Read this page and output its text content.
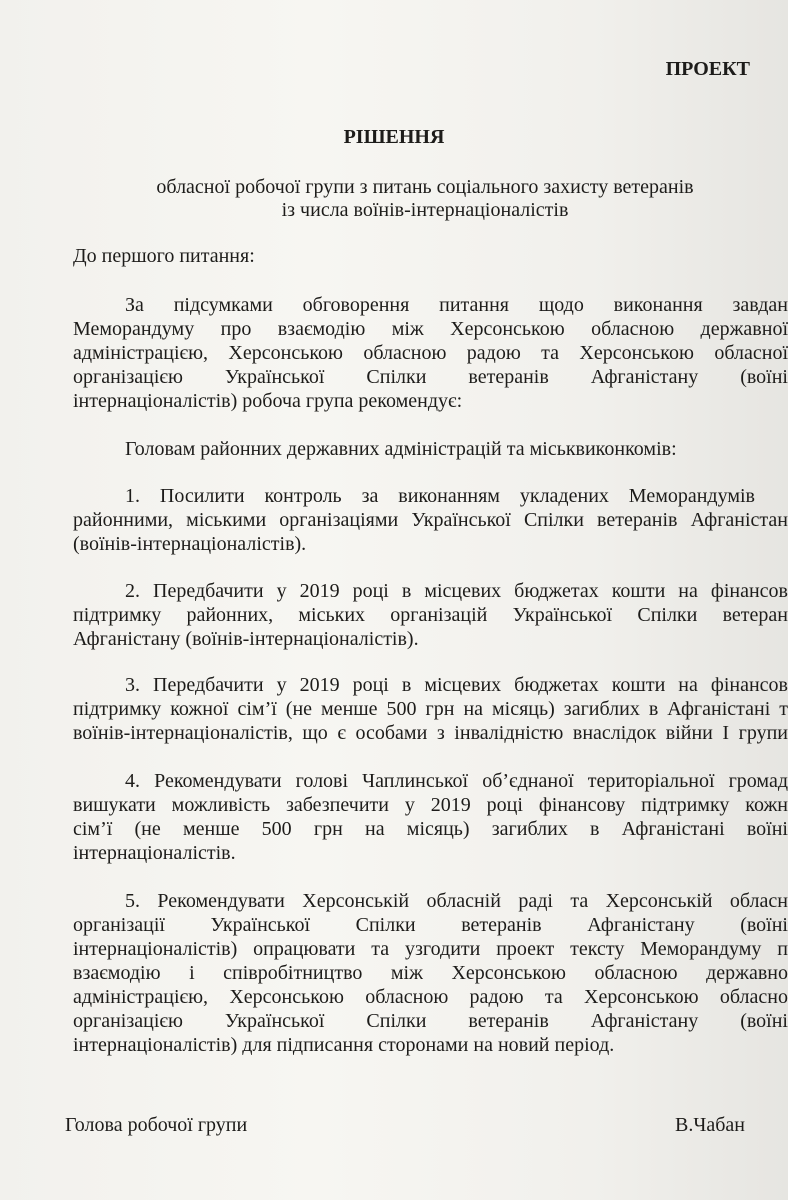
ПРОЕКТ
РІШЕННЯ
обласної робочої групи з питань соціального захисту ветеранів
із числа воїнів-інтернаціоналістів
До першого питання:
За підсумками обговорення питання щодо виконання завдан
Меморандуму про взаємодію між Херсонською обласною державної
адміністрацією, Херсонською обласною радою та Херсонською обласної
організацією Української Спілки ветеранів Афганістану (воїні
інтернаціоналістів) робоча група рекомендує:
Головам районних державних адміністрацій та міськвиконкомів:
1. Посилити контроль за виконанням укладених Меморандумів
районними, міськими організаціями Української Спілки ветеранів Афганістан
(воїнів-інтернаціоналістів).
2. Передбачити у 2019 році в місцевих бюджетах кошти на фінансов
підтримку районних, міських організацій Української Спілки ветеран
Афганістану (воїнів-інтернаціоналістів).
3. Передбачити у 2019 році в місцевих бюджетах кошти на фінансов
підтримку кожної сім’ї (не менше 500 грн на місяць) загиблих в Афганістані т
воїнів-інтернаціоналістів, що є особами з інвалідністю внаслідок війни І групи
4. Рекомендувати голові Чаплинської об’єднаної територіальної громад
вишукати можливість забезпечити у 2019 році фінансову підтримку кожн
сім’ї (не менше 500 грн на місяць) загиблих в Афганістані воїні
інтернаціоналістів.
5. Рекомендувати Херсонській обласній раді та Херсонській обласн
організації Української Спілки ветеранів Афганістану (воїні
інтернаціоналістів) опрацювати та узгодити проект тексту Меморандуму п
взаємодію і співробітництво між Херсонською обласною державно
адміністрацією, Херсонською обласною радою та Херсонською обласно
організацією Української Спілки ветеранів Афганістану (воїні
інтернаціоналістів) для підписання сторонами на новий період.
Голова робочої групи	В.Чабан
